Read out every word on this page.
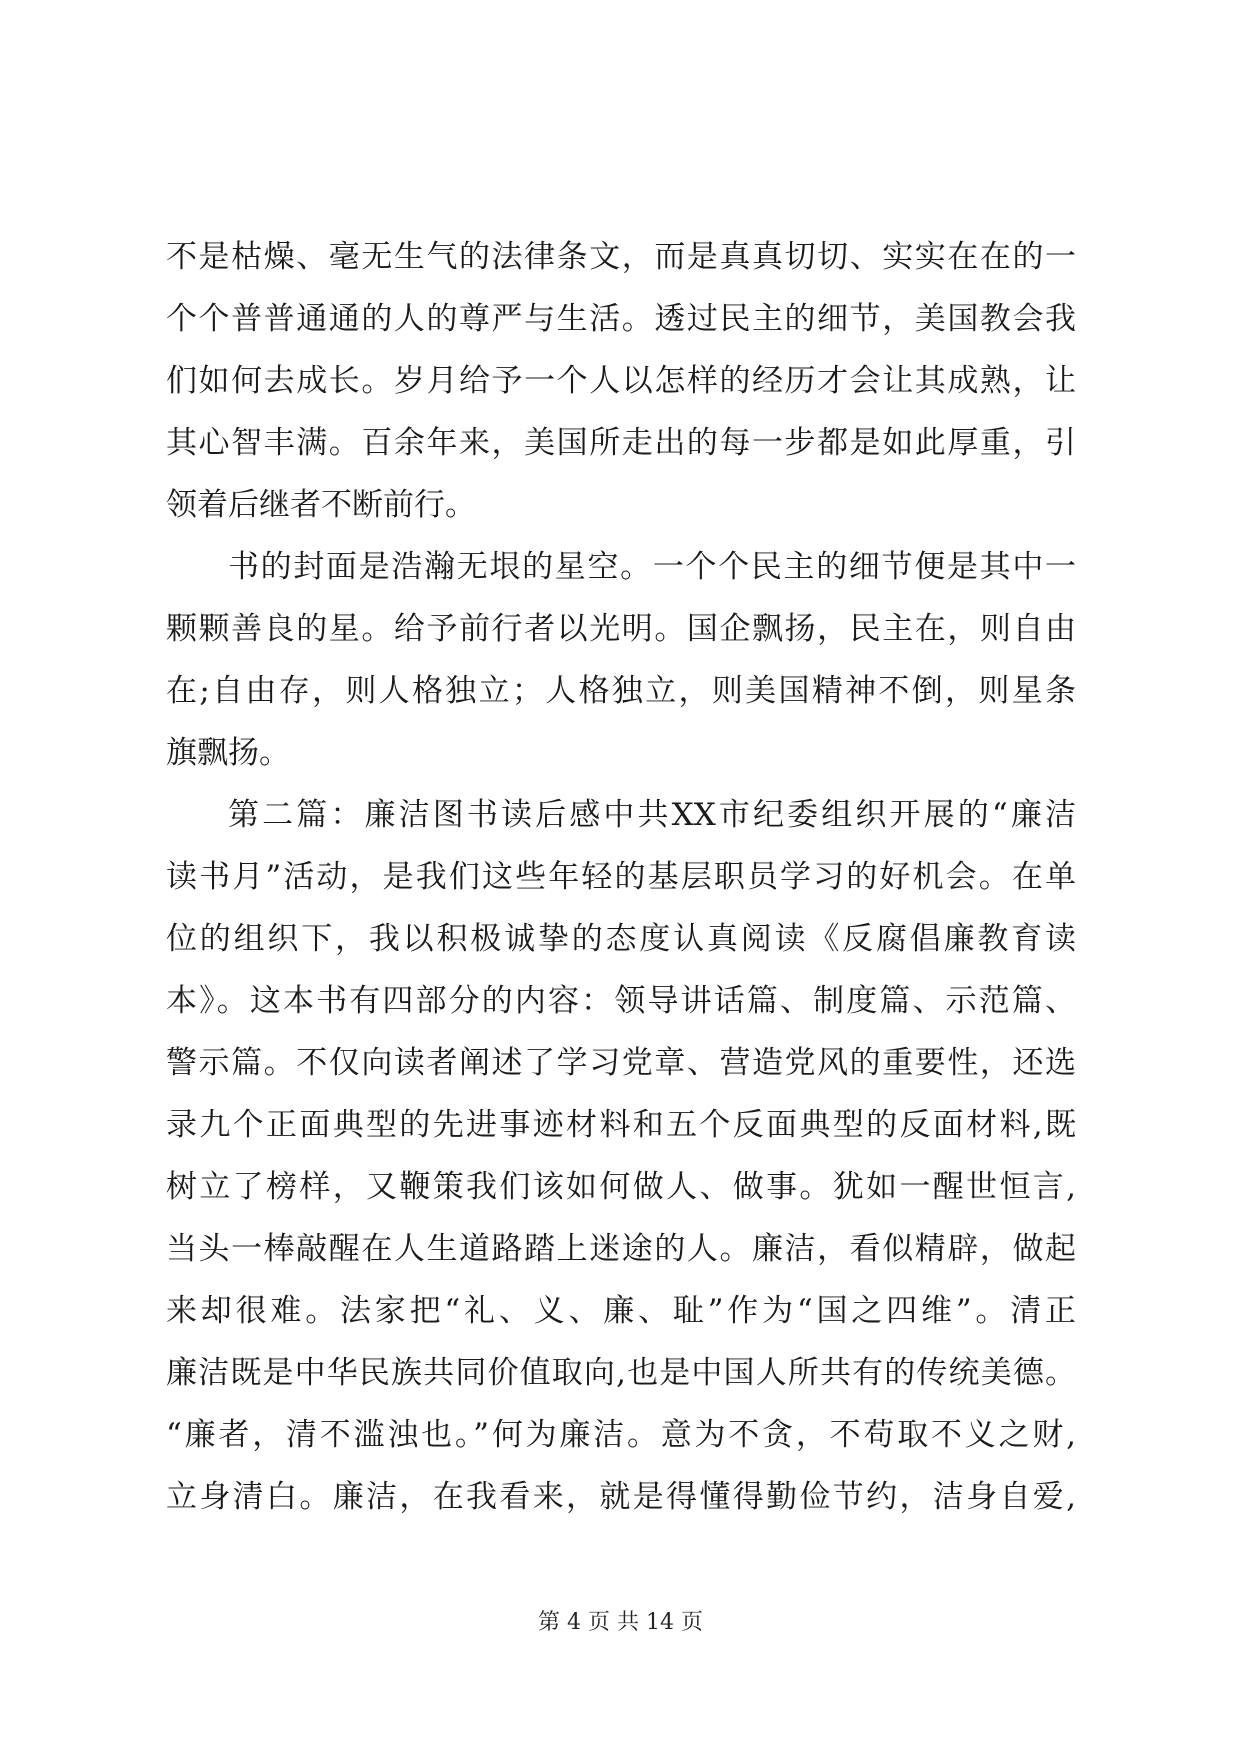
不是枯燥、毫无生气的法律条文，而是真真切切、实实在在的一
个个普普通通的人的尊严与生活。透过民主的细节，美国教会我
们如何去成长。岁月给予一个人以怎样的经历才会让其成熟，让
其心智丰满。百余年来，美国所走出的每一步都是如此厚重，引
领着后继者不断前行。
书的封面是浩瀚无垠的星空。一个个民主的细节便是其中一
颗颗善良的星。给予前行者以光明。国企飘扬，民主在，则自由
在;自由存，则人格独立；人格独立，则美国精神不倒，则星条
旗飘扬。
第二篇：廉洁图书读后感中共XX市纪委组织开展的“廉洁
读书月”活动，是我们这些年轻的基层职员学习的好机会。在单
位的组织下，我以积极诚挚的态度认真阅读《反腐倡廉教育读
本》。这本书有四部分的内容：领导讲话篇、制度篇、示范篇、
警示篇。不仅向读者阐述了学习党章、营造党风的重要性，还选
录九个正面典型的先进事迹材料和五个反面典型的反面材料,既
树立了榜样，又鞭策我们该如何做人、做事。犹如一醒世恒言,
当头一棒敲醒在人生道路踏上迷途的人。廉洁，看似精辟，做起
来却很难。法家把“礼、义、廉、耻”作为“国之四维”。清正
廉洁既是中华民族共同价值取向,也是中国人所共有的传统美德。
“廉者，清不滥浊也。”何为廉洁。意为不贪，不苟取不义之财,
立身清白。廉洁，在我看来，就是得懂得勤俭节约，洁身自爱,
第 4 页 共 14 页
